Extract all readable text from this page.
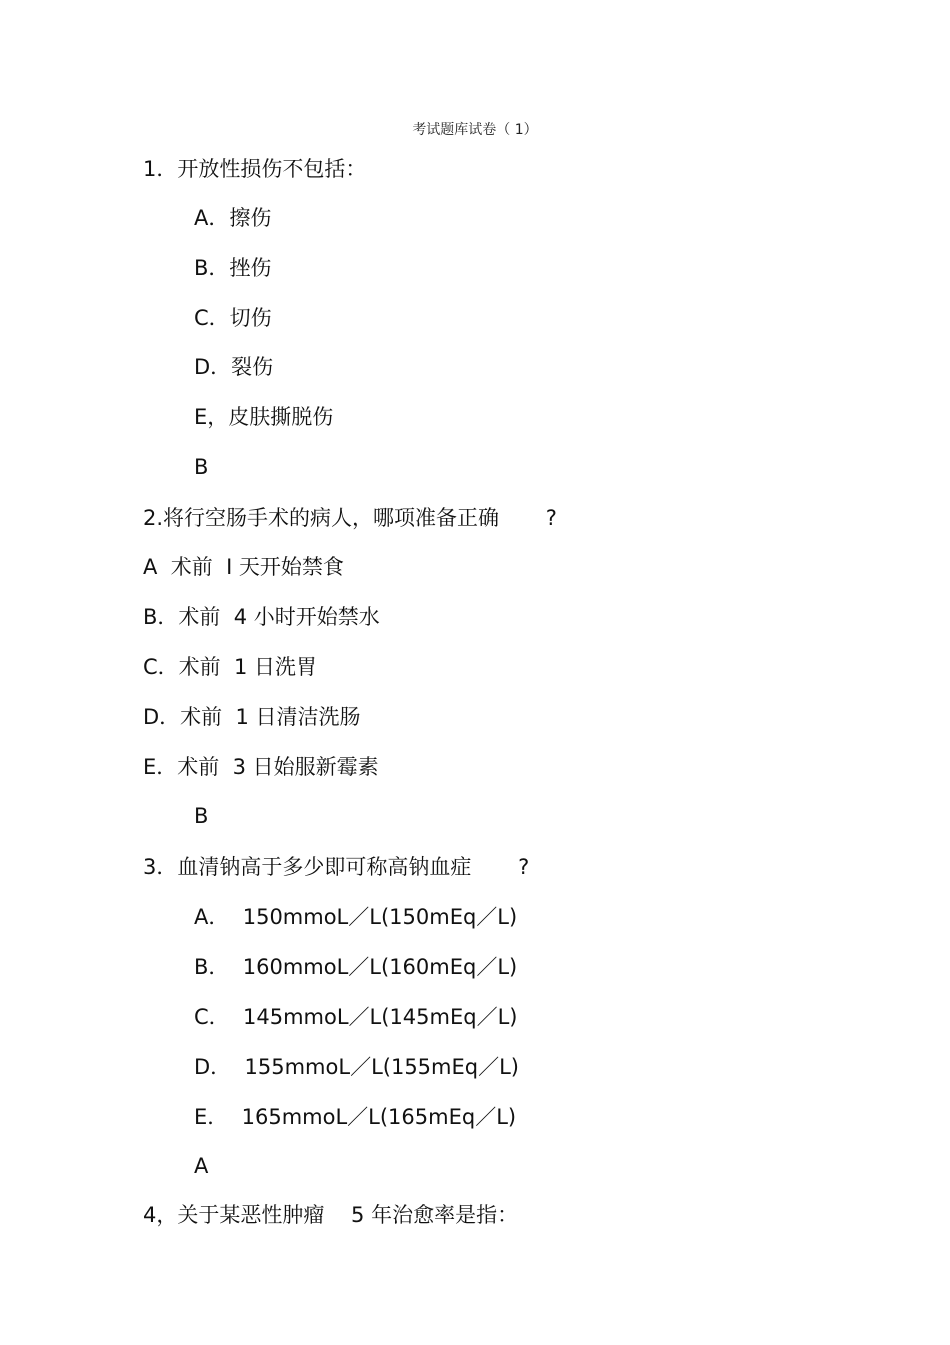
考试题库试卷（ 1）
1．开放性损伤不包括：
A．擦伤
B．挫伤
C．切伤
D．裂伤
E，皮肤撕脱伤
B
2.将行空肠手术的病人，哪项准备正确       ?
A  术前  I 天开始禁食
B．术前  4 小时开始禁水
C．术前  1 日洗胃
D．术前  1 日清洁洗肠
E．术前  3 日始服新霉素
B
3．血清钠高于多少即可称高钠血症       ?
A．  150mmoL／L(150mEq／L)
B．  160mmoL／L(160mEq／L)
C．  145mmoL／L(145mEq／L)
D．  155mmoL／L(155mEq／L)
E．  165mmoL／L(165mEq／L)
A
4，关于某恶性肿瘤    5 年治愈率是指：
